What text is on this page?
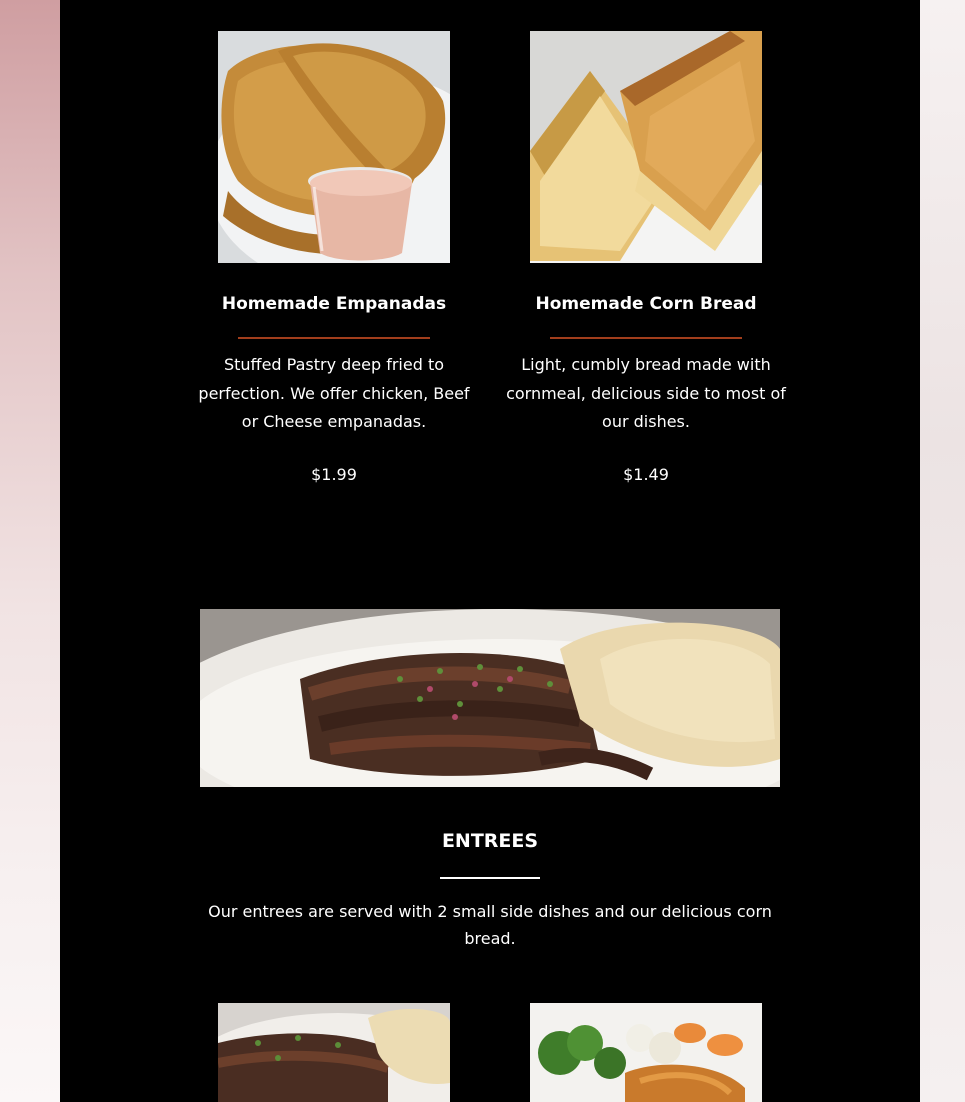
Homemade Empanadas
Stuffed Pastry deep fried to perfection. We offer chicken, Beef or Cheese empanadas.
$1.99
Homemade Corn Bread
Light, cumbly bread made with cornmeal, delicious side to most of our dishes.
$1.49
ENTREES
Our entrees are served with 2 small side dishes and our delicious corn bread.
